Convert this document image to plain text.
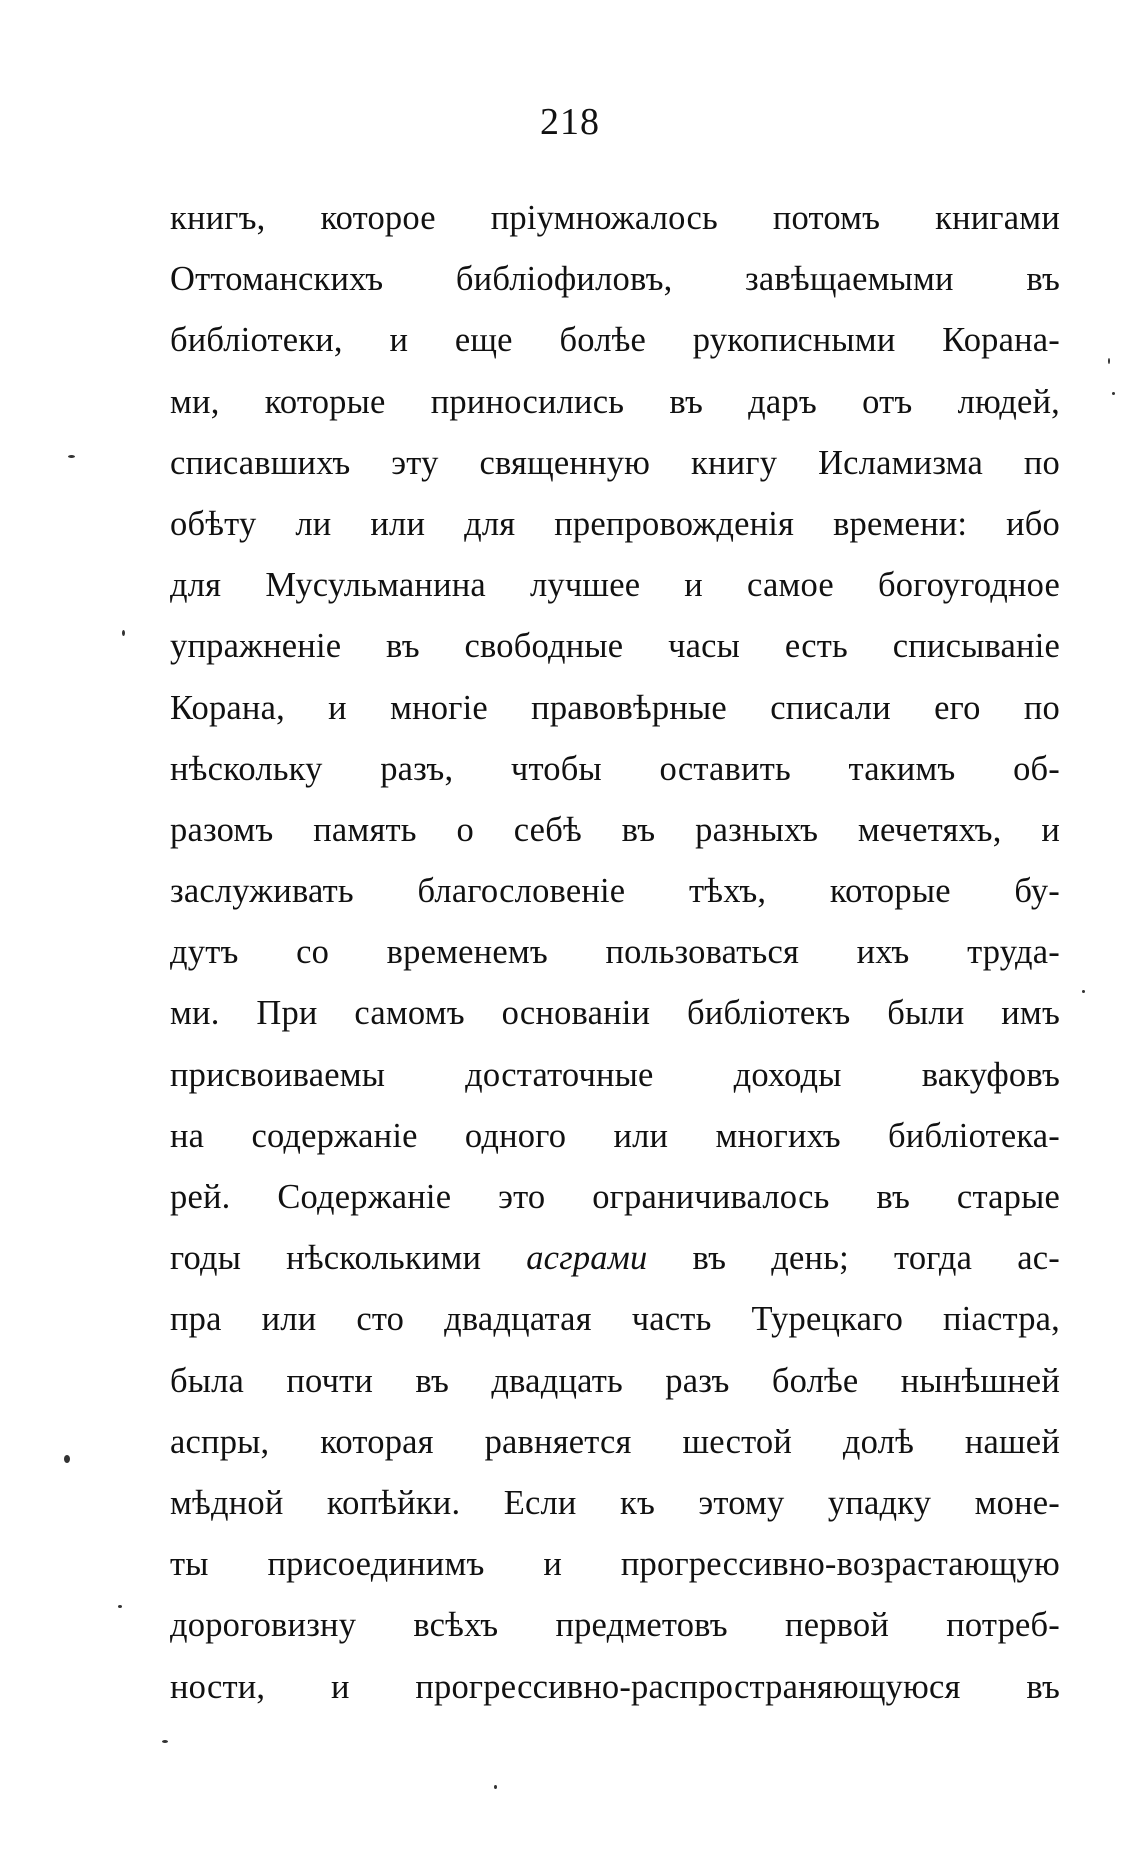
218
книгъ, которое пріумножалось потомъ книгами
Оттоманскихъ библіофиловъ, завѣщаемыми въ
библіотеки, и еще болѣе рукописными Корана-
ми, которые приносились въ даръ отъ людей,
списавшихъ эту священную книгу Исламизма по
обѣту ли или для препровожденія времени: ибо
для Мусульманина лучшее и самое богоугодное
упражненіе въ свободные часы есть списываніе
Корана, и многіе правовѣрные списали его по
нѣскольку разъ, чтобы оставить такимъ об-
разомъ память о себѣ въ разныхъ мечетяхъ, и
заслуживать благословеніе тѣхъ, которые бу-
дутъ со временемъ пользоваться ихъ труда-
ми. При самомъ основаніи библіотекъ были имъ
присвоиваемы достаточные доходы вакуфовъ
на содержаніе одного или многихъ библіотека-
рей. Содержаніе это ограничивалось въ старые
годы нѣсколькими асграми въ день; тогда ас-
пра или сто двадцатая часть Турецкаго піастра,
была почти въ двадцать разъ болѣе нынѣшней
аспры, которая равняется шестой долѣ нашей
мѣдной копѣйки. Если къ этому упадку моне-
ты присоединимъ и прогрессивно-возрастающую
дороговизну всѣхъ предметовъ первой потреб-
ности, и прогрессивно-распространяющуюся въ
